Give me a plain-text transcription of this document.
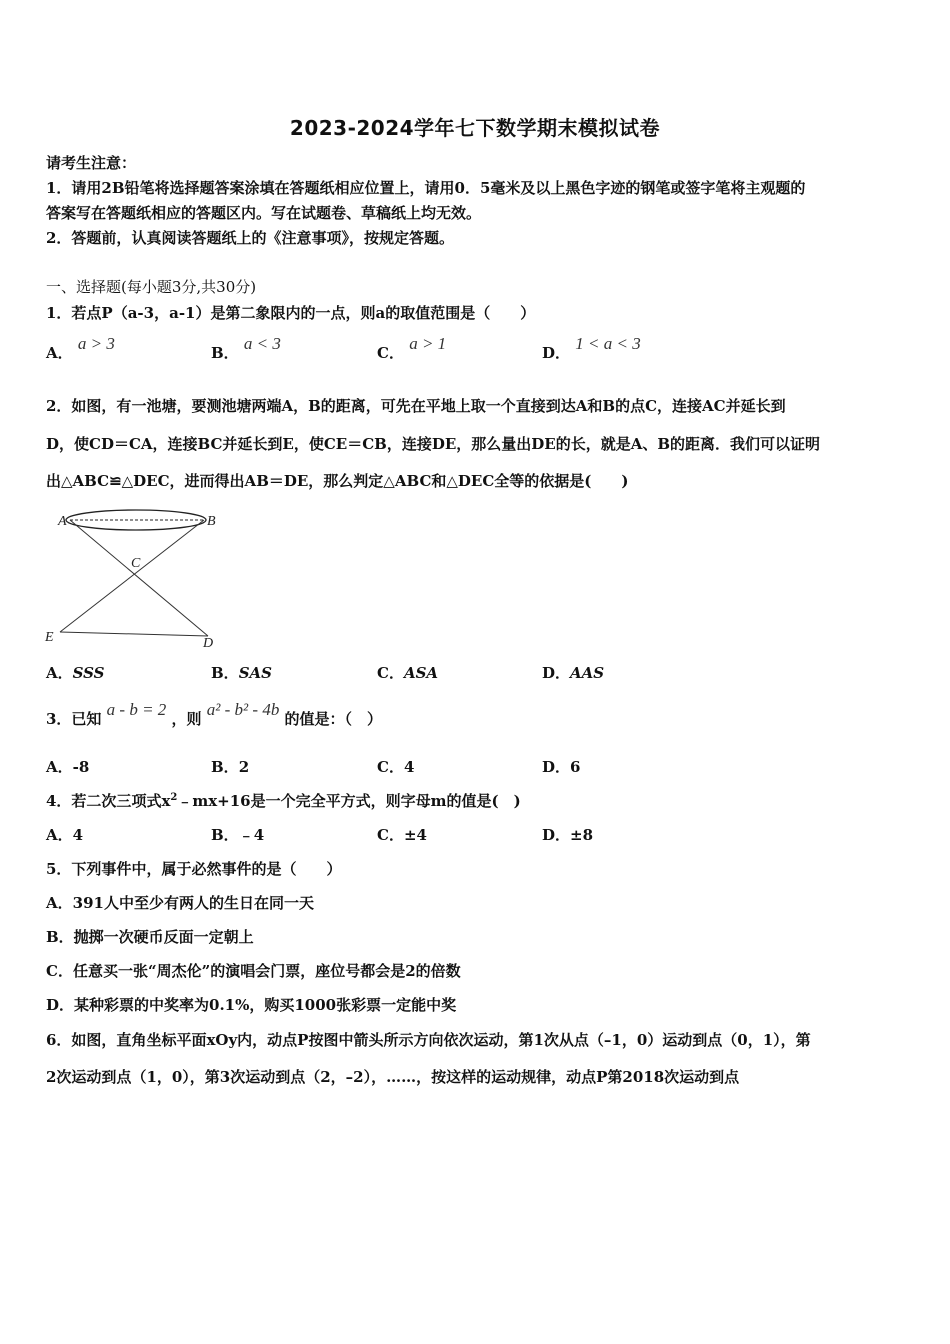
2023-2024学年七下数学期末模拟试卷
请考生注意：
1．请用2B铅笔将选择题答案涂填在答题纸相应位置上，请用0．5毫米及以上黑色字迹的钢笔或签字笔将主观题的
答案写在答题纸相应的答题区内。写在试题卷、草稿纸上均无效。
2．答题前，认真阅读答题纸上的《注意事项》，按规定答题。
一、选择题(每小题3分,共30分)
1．若点P（a-3，a-1）是第二象限内的一点，则a的取值范围是（　　）
A． a > 3	B． a < 3	C． a > 1	D． 1 < a < 3
2．如图，有一池塘，要测池塘两端A，B的距离，可先在平地上取一个直接到达A和B的点C，连接AC并延长到
D，使CD＝CA，连接BC并延长到E，使CE＝CB，连接DE，那么量出DE的长，就是A、B的距离．我们可以证明
出△ABC≌△DEC，进而得出AB＝DE，那么判定△ABC和△DEC全等的依据是(　　)
A	B
C
D
E
A．SSS	B．SAS	C．ASA	D．AAS
3．已知 a - b = 2 ，则 a² - b² - 4b 的值是：（　）
A．-8	B．2	C．4	D．6
4．若二次三项式$x^2﹣mx+16$是一个完全平方式，则字母m的值是(　)
A．4	B．﹣4	C．±4	D．±8
5．下列事件中，属于必然事件的是（　　）
A．391人中至少有两人的生日在同一天
B．抛掷一次硬币反面一定朝上
C．任意买一张“周杰伦”的演唱会门票，座位号都会是2的倍数
D．某种彩票的中奖率为0.1%，购买1000张彩票一定能中奖
6．如图，直角坐标平面xOy内，动点P按图中箭头所示方向依次运动，第1次从点（–1，0）运动到点（0，1），第
2次运动到点（1，0），第3次运动到点（2，–2），……，按这样的运动规律，动点P第2018次运动到点
